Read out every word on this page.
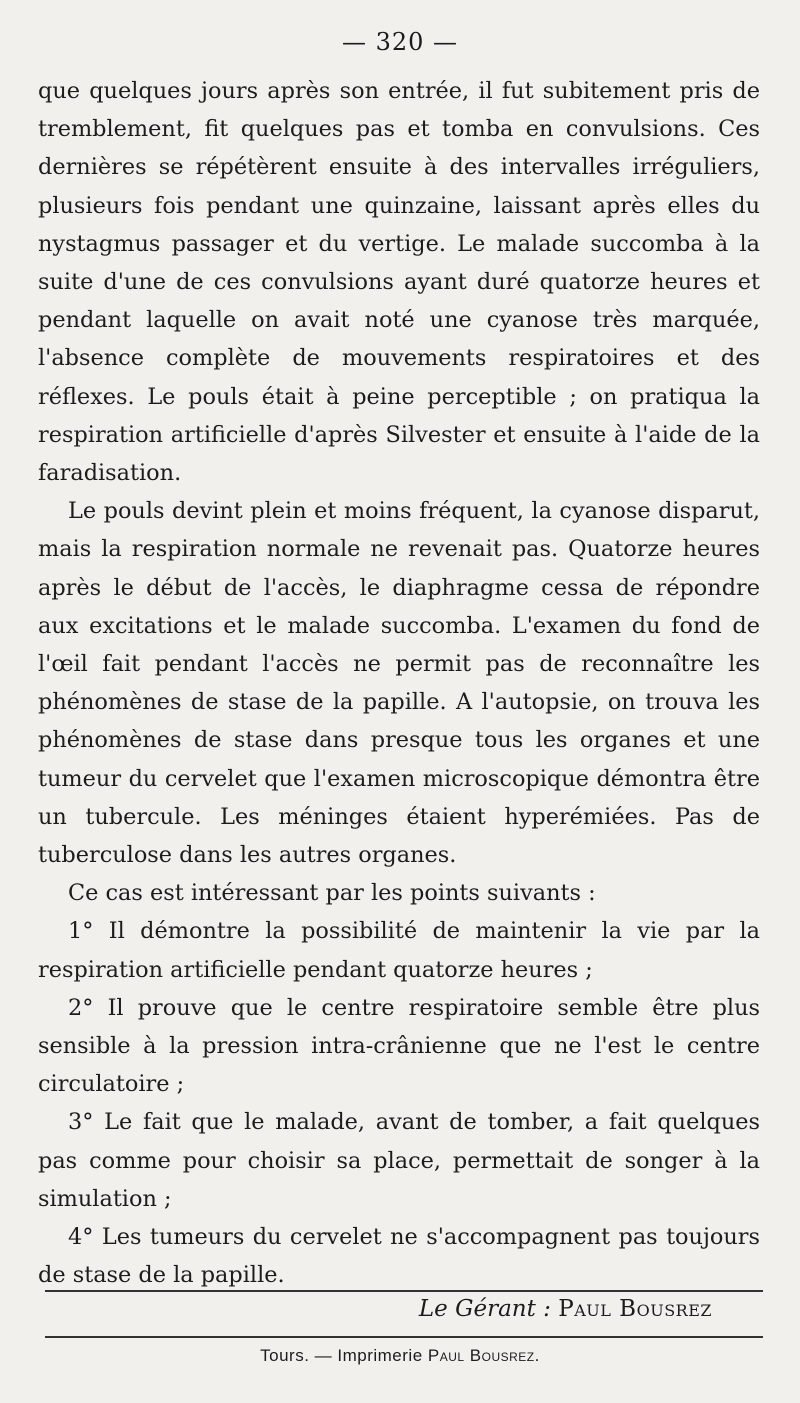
— 320 —

que quelques jours après son entrée, il fut subitement pris de tremblement, fit quelques pas et tomba en convulsions. Ces dernières se répétèrent ensuite à des intervalles irréguliers, plusieurs fois pendant une quinzaine, laissant après elles du nystagmus passager et du vertige. Le malade succomba à la suite d'une de ces convulsions ayant duré quatorze heures et pendant laquelle on avait noté une cyanose très marquée, l'absence complète de mouvements respiratoires et des réflexes. Le pouls était à peine perceptible ; on pratiqua la respiration artificielle d'après Silvester et ensuite à l'aide de la faradisation.

Le pouls devint plein et moins fréquent, la cyanose disparut, mais la respiration normale ne revenait pas. Quatorze heures après le début de l'accès, le diaphragme cessa de répondre aux excitations et le malade succomba. L'examen du fond de l'œil fait pendant l'accès ne permit pas de reconnaître les phénomènes de stase de la papille. A l'autopsie, on trouva les phénomènes de stase dans presque tous les organes et une tumeur du cervelet que l'examen microscopique démontra être un tubercule. Les méninges étaient hyperémiées. Pas de tuberculose dans les autres organes.

Ce cas est intéressant par les points suivants :

1° Il démontre la possibilité de maintenir la vie par la respiration artificielle pendant quatorze heures ;

2° Il prouve que le centre respiratoire semble être plus sensible à la pression intra-crânienne que ne l'est le centre circulatoire ;

3° Le fait que le malade, avant de tomber, a fait quelques pas comme pour choisir sa place, permettait de songer à la simulation ;

4° Les tumeurs du cervelet ne s'accompagnent pas toujours de stase de la papille.

Le Gérant : Paul Bousrez
Tours. — Imprimerie Paul Bousrez.
